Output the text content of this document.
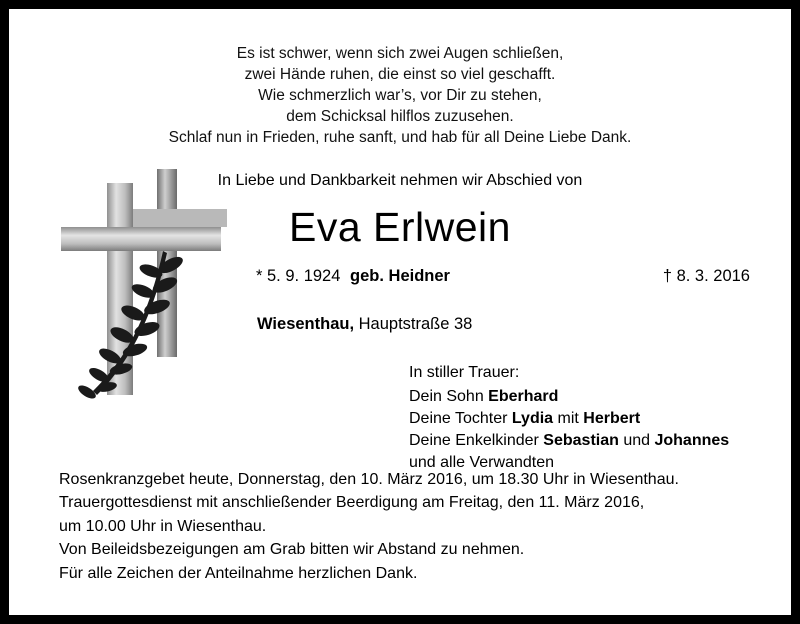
Es ist schwer, wenn sich zwei Augen schließen,
zwei Hände ruhen, die einst so viel geschafft.
Wie schmerzlich war’s, vor Dir zu stehen,
dem Schicksal hilflos zuzusehen.
Schlaf nun in Frieden, ruhe sanft, und hab für all Deine Liebe Dank.
In Liebe und Dankbarkeit nehmen wir Abschied von
Eva Erlwein
* 5. 9. 1924 geb. Heidner	† 8. 3. 2016
Wiesenthau, Hauptstraße 38
In stiller Trauer:
Dein Sohn Eberhard
Deine Tochter Lydia mit Herbert
Deine Enkelkinder Sebastian und Johannes
und alle Verwandten
Rosenkranzgebet heute, Donnerstag, den 10. März 2016, um 18.30 Uhr in Wiesenthau.
Trauergottesdienst mit anschließender Beerdigung am Freitag, den 11. März 2016,
um 10.00 Uhr in Wiesenthau.
Von Beileidsbezeigungen am Grab bitten wir Abstand zu nehmen.
Für alle Zeichen der Anteilnahme herzlichen Dank.
